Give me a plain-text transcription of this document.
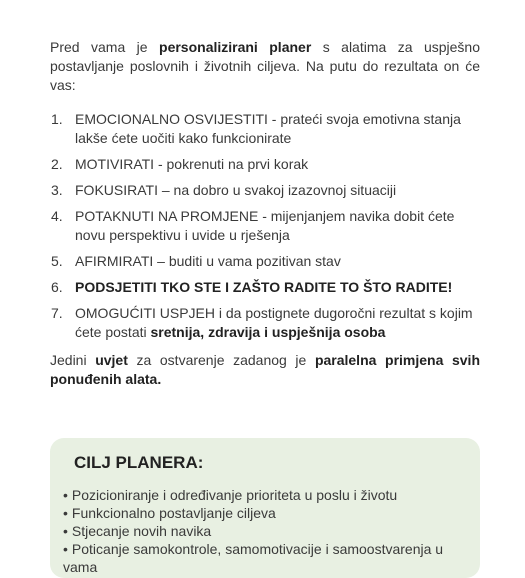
Pred vama je personalizirani planer s alatima za uspješno postavljanje poslovnih i životnih ciljeva. Na putu do rezultata on će vas:

1. EMOCIONALNO OSVIJESTITI - prateći svoja emotivna stanja lakše ćete uočiti kako funkcionirate
2. MOTIVIRATI - pokrenuti na prvi korak
3. FOKUSIRATI – na dobro u svakoj izazovnoj situaciji
4. POTAKNUTI NA PROMJENE - mijenjanjem navika dobit ćete novu perspektivu i uvide u rješenja
5. AFIRMIRATI – buditi u vama pozitivan stav
6. PODSJETITI TKO STE I ZAŠTO RADITE TO ŠTO RADITE!
7. OMOGUĆITI USPJEH i da postignete dugoročni rezultat s kojim ćete postati sretnija, zdravija i uspješnija osoba

Jedini uvjet za ostvarenje zadanog je paralelna primjena svih ponuđenih alata.

CILJ PLANERA:
• Pozicioniranje i određivanje prioriteta u poslu i životu
• Funkcionalno postavljanje ciljeva
• Stjecanje novih navika
• Poticanje samokontrole, samomotivacije i samoostvarenja u vama
